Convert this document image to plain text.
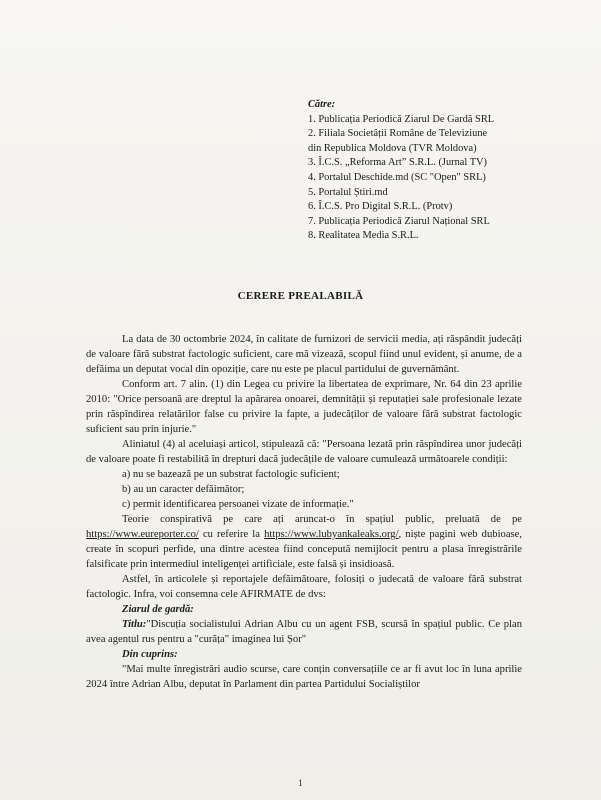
Către:
1. Publicația Periodică Ziarul De Gardă SRL
2. Filiala Societății Române de Televiziune
din Republica Moldova (TVR Moldova)
3. Î.C.S. „Reforma Art” S.R.L. (Jurnal TV)
4. Portalul Deschide.md (SC "Open" SRL)
5. Portalul Știri.md
6. Î.C.S. Pro Digital S.R.L. (Protv)
7. Publicația Periodică Ziarul Național SRL
8. Realitatea Media S.R.L.
CERERE PREALABILĂ

La data de 30 octombrie 2024, în calitate de furnizori de servicii media, ați răspândit judecăți de valoare fără substrat factologic suficient, care mă vizează, scopul fiind unul evident, și anume, de a defăima un deputat vocal din opoziție, care nu este pe placul partidului de guvernământ.

Conform art. 7 alin. (1) din Legea cu privire la libertatea de exprimare, Nr. 64 din 23 aprilie 2010: "Orice persoană are dreptul la apărarea onoarei, demnității și reputației sale profesionale lezate prin răspîndirea relatărilor false cu privire la fapte, a judecăților de valoare fără substrat factologic suficient sau prin injurie."

Aliniatul (4) al aceluiași articol, stipulează că: "Persoana lezată prin răspîndirea unor judecăți de valoare poate fi restabilită în drepturi dacă judecățile de valoare cumulează următoarele condiții:

a) nu se bazează pe un substrat factologic suficient;

b) au un caracter defăimător;

c) permit identificarea persoanei vizate de informație."

Teorie conspirativă pe care ați aruncat-o în spațiul public, preluată de pe https://www.eureporter.co/ cu referire la https://www.lubyankaleaks.org/, niște pagini web dubioase, create în scopuri perfide, una dintre acestea fiind concepută nemijlocit pentru a plasa înregistrările falsificate prin intermediul inteligenței artificiale, este falsă și insidioasă.

Astfel, în articolele și reportajele defăimătoare, folosiți o judecată de valoare fără substrat factologic. Infra, voi consemna cele AFIRMATE de dvs:

Ziarul de gardă:

Titlu:"Discuția socialistului Adrian Albu cu un agent FSB, scursă în spațiul public. Ce plan avea agentul rus pentru a "curăța" imaginea lui Șor"

Din cuprins:

"Mai multe înregistrări audio scurse, care conțin conversațiile ce ar fi avut loc în luna aprilie 2024 între Adrian Albu, deputat în Parlament din partea Partidului Socialiștilor

1
